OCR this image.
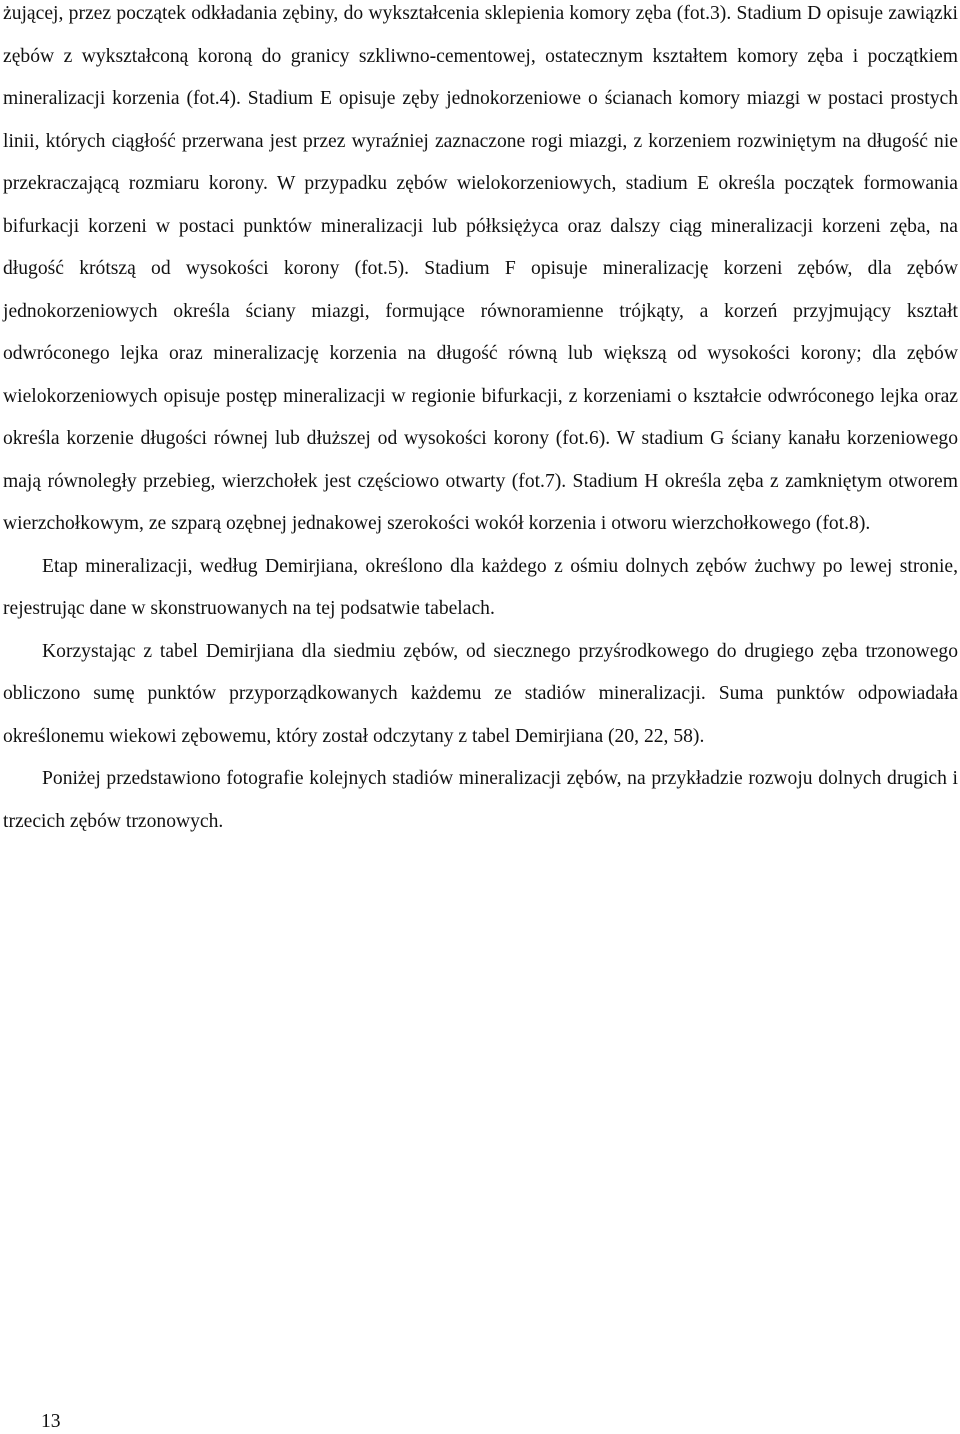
żującej, przez początek odkładania zębiny, do wykształcenia sklepienia komory zęba (fot.3). Stadium D opisuje zawiązki zębów z wykształconą koroną do granicy szkliwno-cementowej, ostatecznym kształtem komory zęba i początkiem mineralizacji korzenia (fot.4). Stadium E opisuje zęby jednokorzeniowe o ścianach komory miazgi w postaci prostych linii, których ciągłość przerwana jest przez wyraźniej zaznaczone rogi miazgi, z korzeniem rozwiniętym na długość nie przekraczającą rozmiaru korony. W przypadku zębów wielokorzeniowych, stadium E określa początek formowania bifurkacji korzeni w postaci punktów mineralizacji lub półksiężyca oraz dalszy ciąg mineralizacji korzeni zęba, na długość krótszą od wysokości korony (fot.5). Stadium F opisuje mineralizację korzeni zębów, dla zębów jednokorzeniowych określa ściany miazgi, formujące równoramienne trójkąty, a korzeń przyjmujący kształt odwróconego lejka oraz mineralizację korzenia na długość równą lub większą od wysokości korony; dla zębów wielokorzeniowych opisuje postęp mineralizacji w regionie bifurkacji, z korzeniami o kształcie odwróconego lejka oraz określa korzenie długości równej lub dłuższej od wysokości korony (fot.6). W stadium G ściany kanału korzeniowego mają równoległy przebieg, wierzchołek jest częściowo otwarty (fot.7). Stadium H określa zęba z zamkniętym otworem wierzchołkowym, ze szparą ozębnej jednakowej szerokości wokół korzenia i otworu wierzchołkowego (fot.8).

Etap mineralizacji, według Demirjiana, określono dla każdego z ośmiu dolnych zębów żuchwy po lewej stronie, rejestrując dane w skonstruowanych na tej podsatwie tabelach.

Korzystając z tabel Demirjiana dla siedmiu zębów, od siecznego przyśrodkowego do drugiego zęba trzonowego obliczono sumę punktów przyporządkowanych każdemu ze stadiów mineralizacji. Suma punktów odpowiadała określonemu wiekowi zębowemu, który został odczytany z tabel Demirjiana (20, 22, 58).

Poniżej przedstawiono fotografie kolejnych stadiów mineralizacji zębów, na przykładzie rozwoju dolnych drugich i trzecich zębów trzonowych.

13
